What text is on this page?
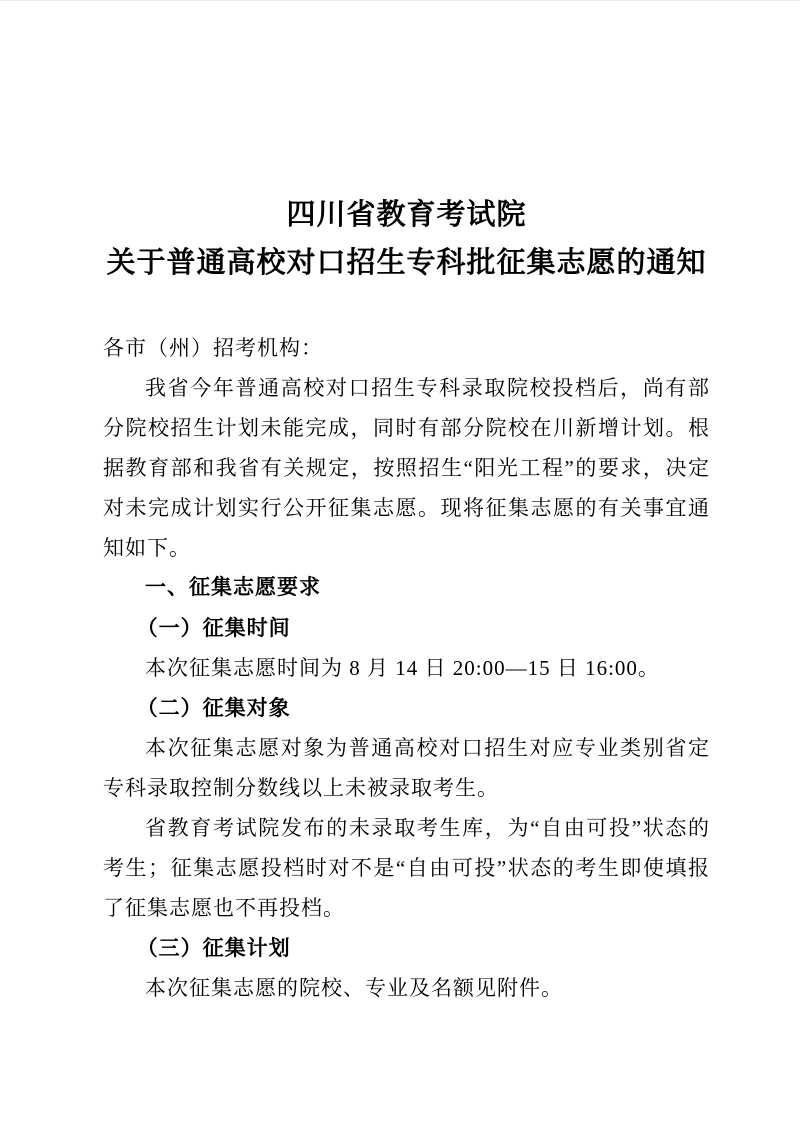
四川省教育考试院
关于普通高校对口招生专科批征集志愿的通知

各市（州）招考机构：

我省今年普通高校对口招生专科录取院校投档后，尚有部分院校招生计划未能完成，同时有部分院校在川新增计划。根据教育部和我省有关规定，按照招生“阳光工程”的要求，决定对未完成计划实行公开征集志愿。现将征集志愿的有关事宜通知如下。

一、征集志愿要求
（一）征集时间

本次征集志愿时间为 8 月 14 日 20:00—15 日 16:00。

（二）征集对象

本次征集志愿对象为普通高校对口招生对应专业类别省定专科录取控制分数线以上未被录取考生。

省教育考试院发布的未录取考生库，为“自由可投”状态的考生；征集志愿投档时对不是“自由可投”状态的考生即使填报了征集志愿也不再投档。

（三）征集计划

本次征集志愿的院校、专业及名额见附件。
